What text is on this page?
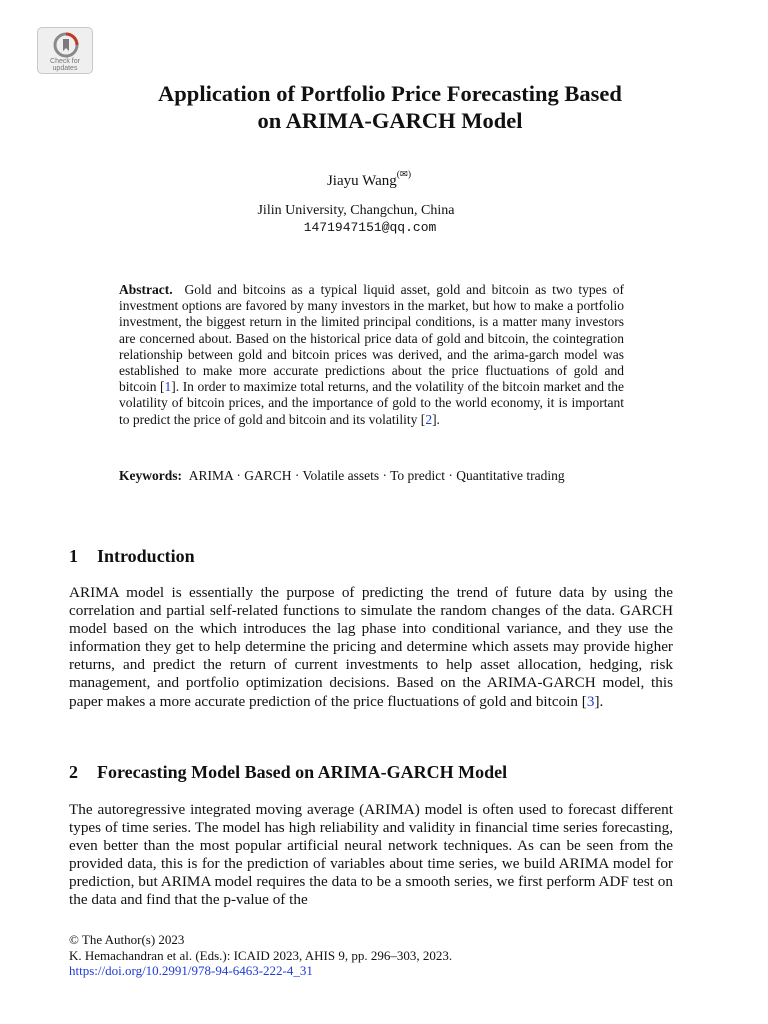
Check for
updates
Application of Portfolio Price Forecasting Based
on ARIMA-GARCH Model
Jiayu Wang(✉)
Jilin University, Changchun, China
1471947151@qq.com
Abstract. Gold and bitcoins as a typical liquid asset, gold and bitcoin as two types of investment options are favored by many investors in the market, but how to make a portfolio investment, the biggest return in the limited principal conditions, is a matter many investors are concerned about. Based on the historical price data of gold and bitcoin, the cointegration relationship between gold and bitcoin prices was derived, and the arima-garch model was established to make more accurate predictions about the price fluctuations of gold and bitcoin [1]. In order to maximize total returns, and the volatility of the bitcoin market and the volatility of bitcoin prices, and the importance of gold to the world economy, it is important to predict the price of gold and bitcoin and its volatility [2].
Keywords: ARIMA · GARCH · Volatile assets · To predict · Quantitative trading
1 Introduction
ARIMA model is essentially the purpose of predicting the trend of future data by using the correlation and partial self-related functions to simulate the random changes of the data. GARCH model based on the which introduces the lag phase into conditional variance, and they use the information they get to help determine the pricing and determine which assets may provide higher returns, and predict the return of current investments to help asset allocation, hedging, risk management, and portfolio optimization decisions. Based on the ARIMA-GARCH model, this paper makes a more accurate prediction of the price fluctuations of gold and bitcoin [3].
2 Forecasting Model Based on ARIMA-GARCH Model
The autoregressive integrated moving average (ARIMA) model is often used to forecast different types of time series. The model has high reliability and validity in financial time series forecasting, even better than the most popular artificial neural network techniques. As can be seen from the provided data, this is for the prediction of variables about time series, we build ARIMA model for prediction, but ARIMA model requires the data to be a smooth series, we first perform ADF test on the data and find that the p-value of the
© The Author(s) 2023
K. Hemachandran et al. (Eds.): ICAID 2023, AHIS 9, pp. 296–303, 2023.
https://doi.org/10.2991/978-94-6463-222-4_31
